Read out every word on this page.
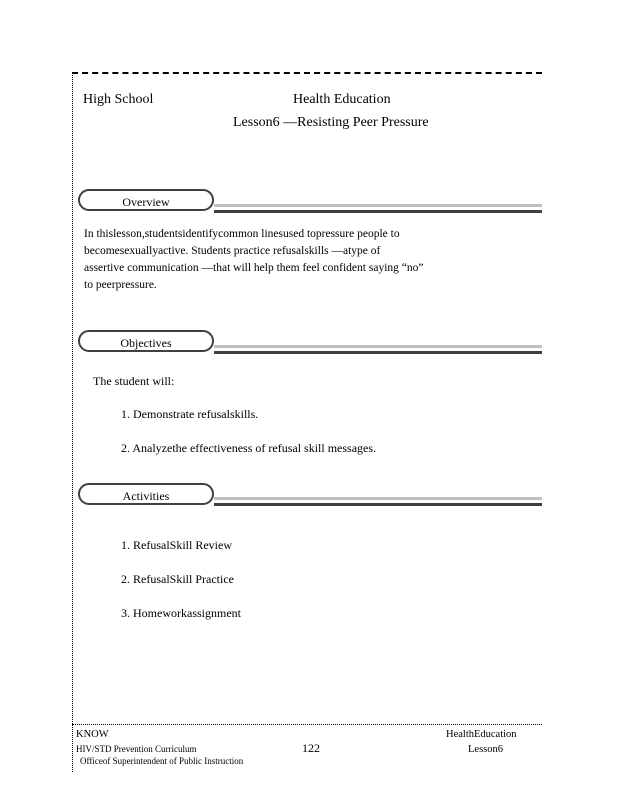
High School	Health Education
Lesson6 —Resisting Peer Pressure
Overview
In thislesson,studentsidentifycommon linesused topressure people to
becomesexuallyactive. Students practice refusalskills —atype of
assertive communication —that will help them feel confident saying “no”
to peerpressure.
Objectives
The student will:
1. Demonstrate refusalskills.
2. Analyzethe effectiveness of refusal skill messages.
Activities
1. RefusalSkill Review
2. RefusalSkill Practice
3. Homeworkassignment
KNOW
HIV/STD Prevention Curriculum
Officeof Superintendent of Public Instruction
122
HealthEducation
Lesson6
